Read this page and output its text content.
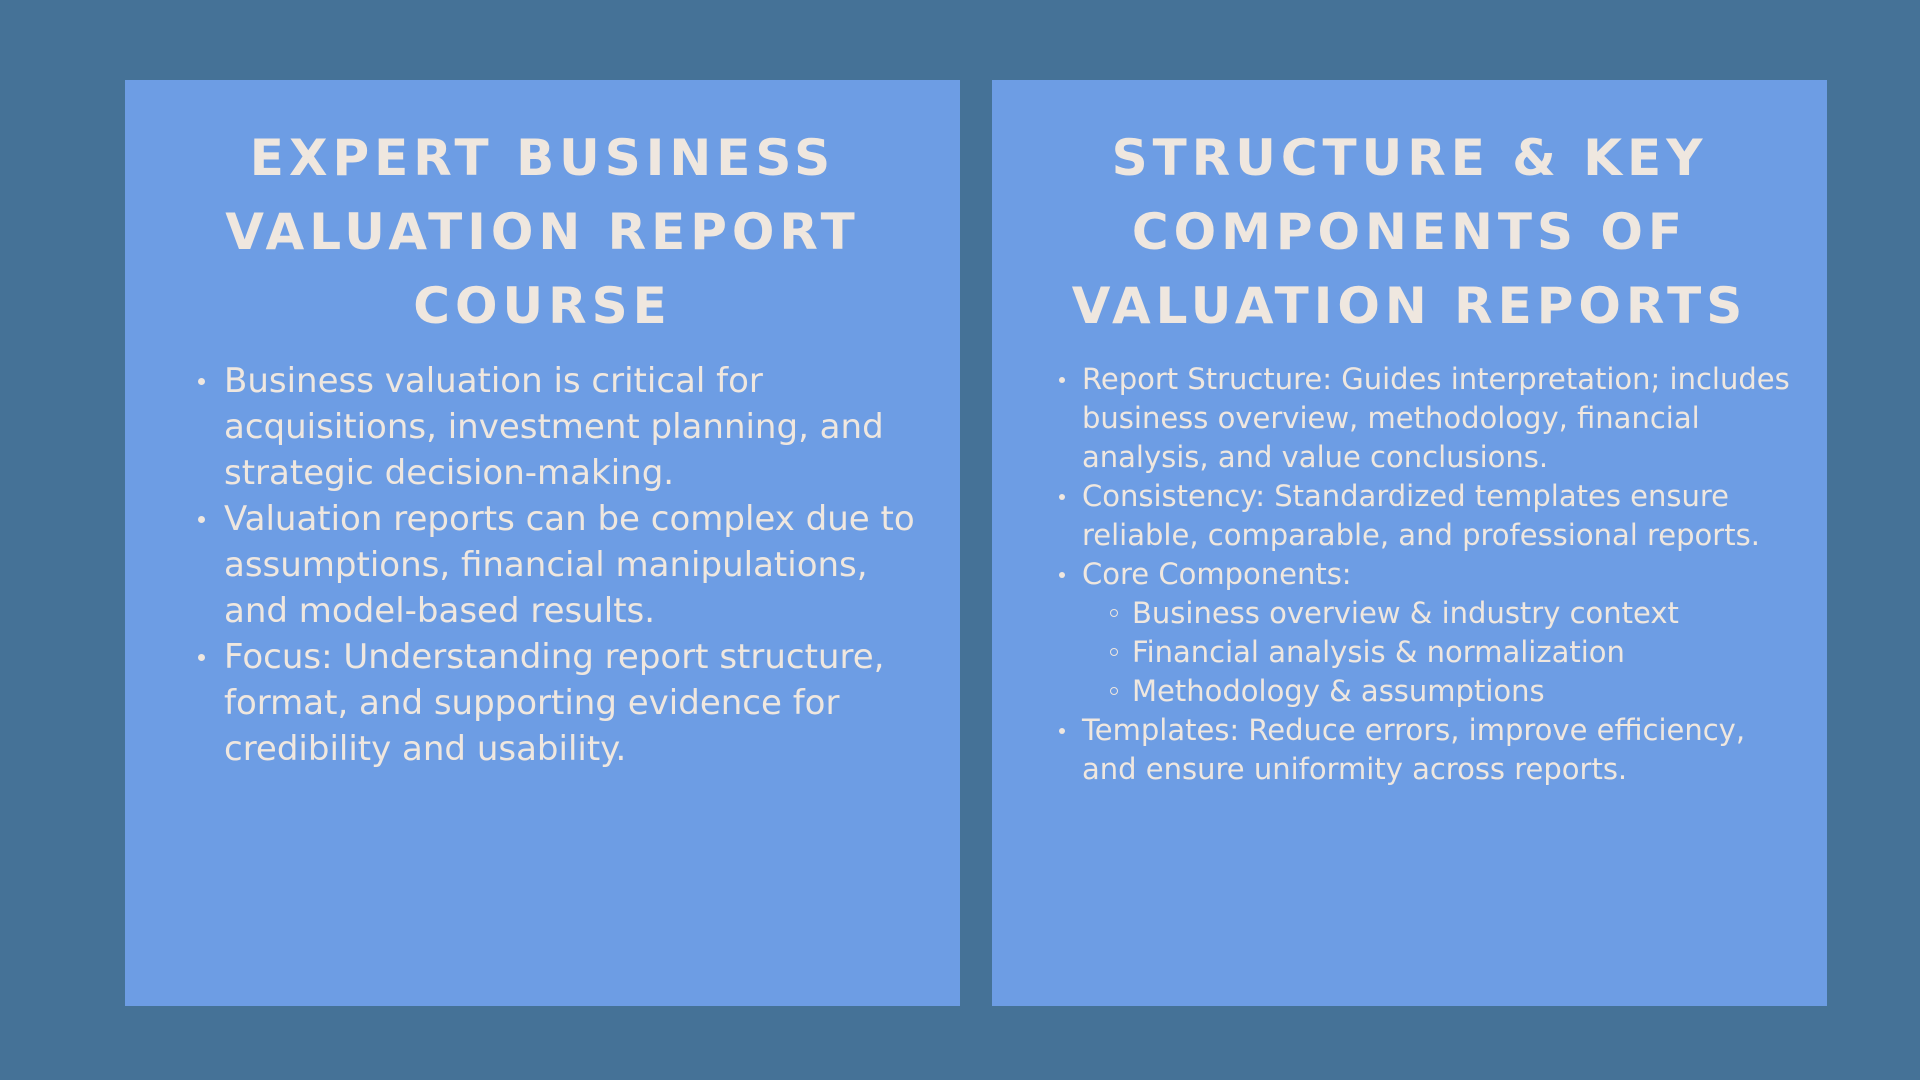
EXPERT BUSINESS VALUATION REPORT COURSE
Business valuation is critical for acquisitions, investment planning, and strategic decision-making.
Valuation reports can be complex due to assumptions, financial manipulations, and model-based results.
Focus: Understanding report structure, format, and supporting evidence for credibility and usability.
STRUCTURE & KEY COMPONENTS OF VALUATION REPORTS
Report Structure: Guides interpretation; includes business overview, methodology, financial analysis, and value conclusions.
Consistency: Standardized templates ensure reliable, comparable, and professional reports.
Core Components:
Business overview & industry context
Financial analysis & normalization
Methodology & assumptions
Templates: Reduce errors, improve efficiency, and ensure uniformity across reports.
